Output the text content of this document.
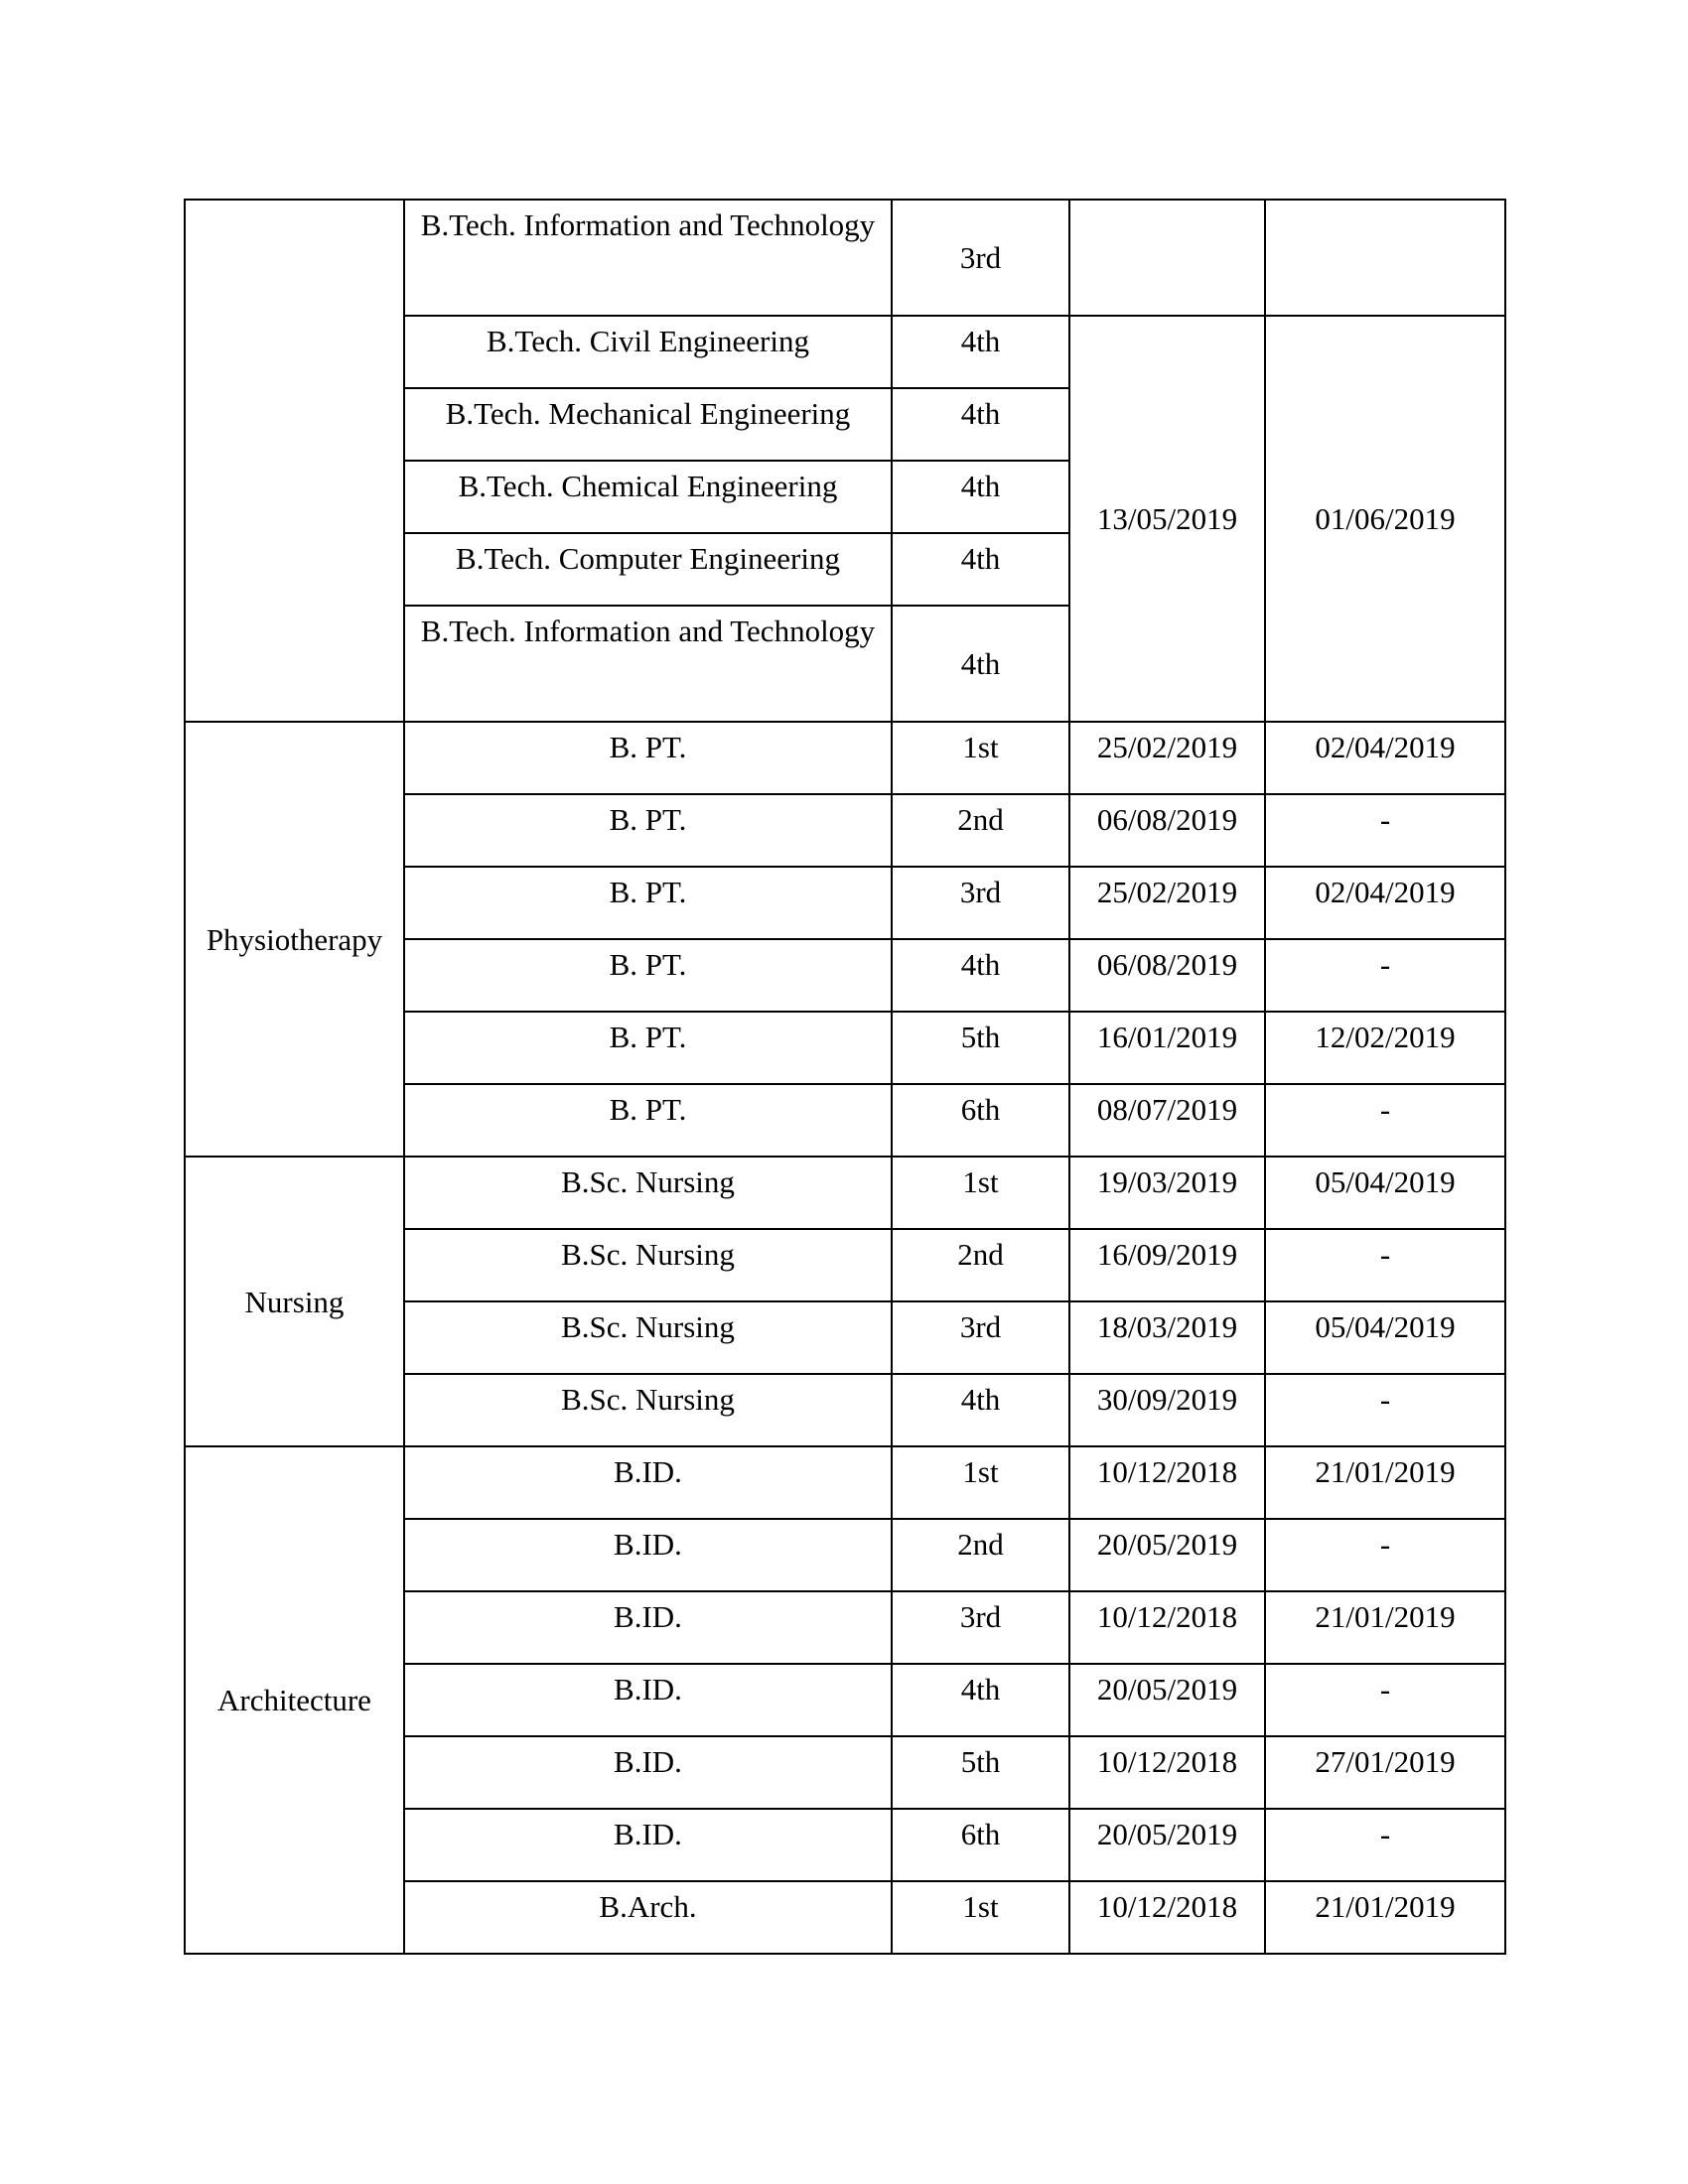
	B.Tech. Information and Technology	3rd		
	B.Tech. Civil Engineering	4th	13/05/2019	01/06/2019
	B.Tech. Mechanical Engineering	4th		
	B.Tech. Chemical Engineering	4th		
	B.Tech. Computer Engineering	4th		
	B.Tech. Information and Technology	4th		
Physiotherapy	B. PT.	1st	25/02/2019	02/04/2019
	B. PT.	2nd	06/08/2019	-
	B. PT.	3rd	25/02/2019	02/04/2019
	B. PT.	4th	06/08/2019	-
	B. PT.	5th	16/01/2019	12/02/2019
	B. PT.	6th	08/07/2019	-
Nursing	B.Sc. Nursing	1st	19/03/2019	05/04/2019
	B.Sc. Nursing	2nd	16/09/2019	-
	B.Sc. Nursing	3rd	18/03/2019	05/04/2019
	B.Sc. Nursing	4th	30/09/2019	-
Architecture	B.ID.	1st	10/12/2018	21/01/2019
	B.ID.	2nd	20/05/2019	-
	B.ID.	3rd	10/12/2018	21/01/2019
	B.ID.	4th	20/05/2019	-
	B.ID.	5th	10/12/2018	27/01/2019
	B.ID.	6th	20/05/2019	-
	B.Arch.	1st	10/12/2018	21/01/2019
